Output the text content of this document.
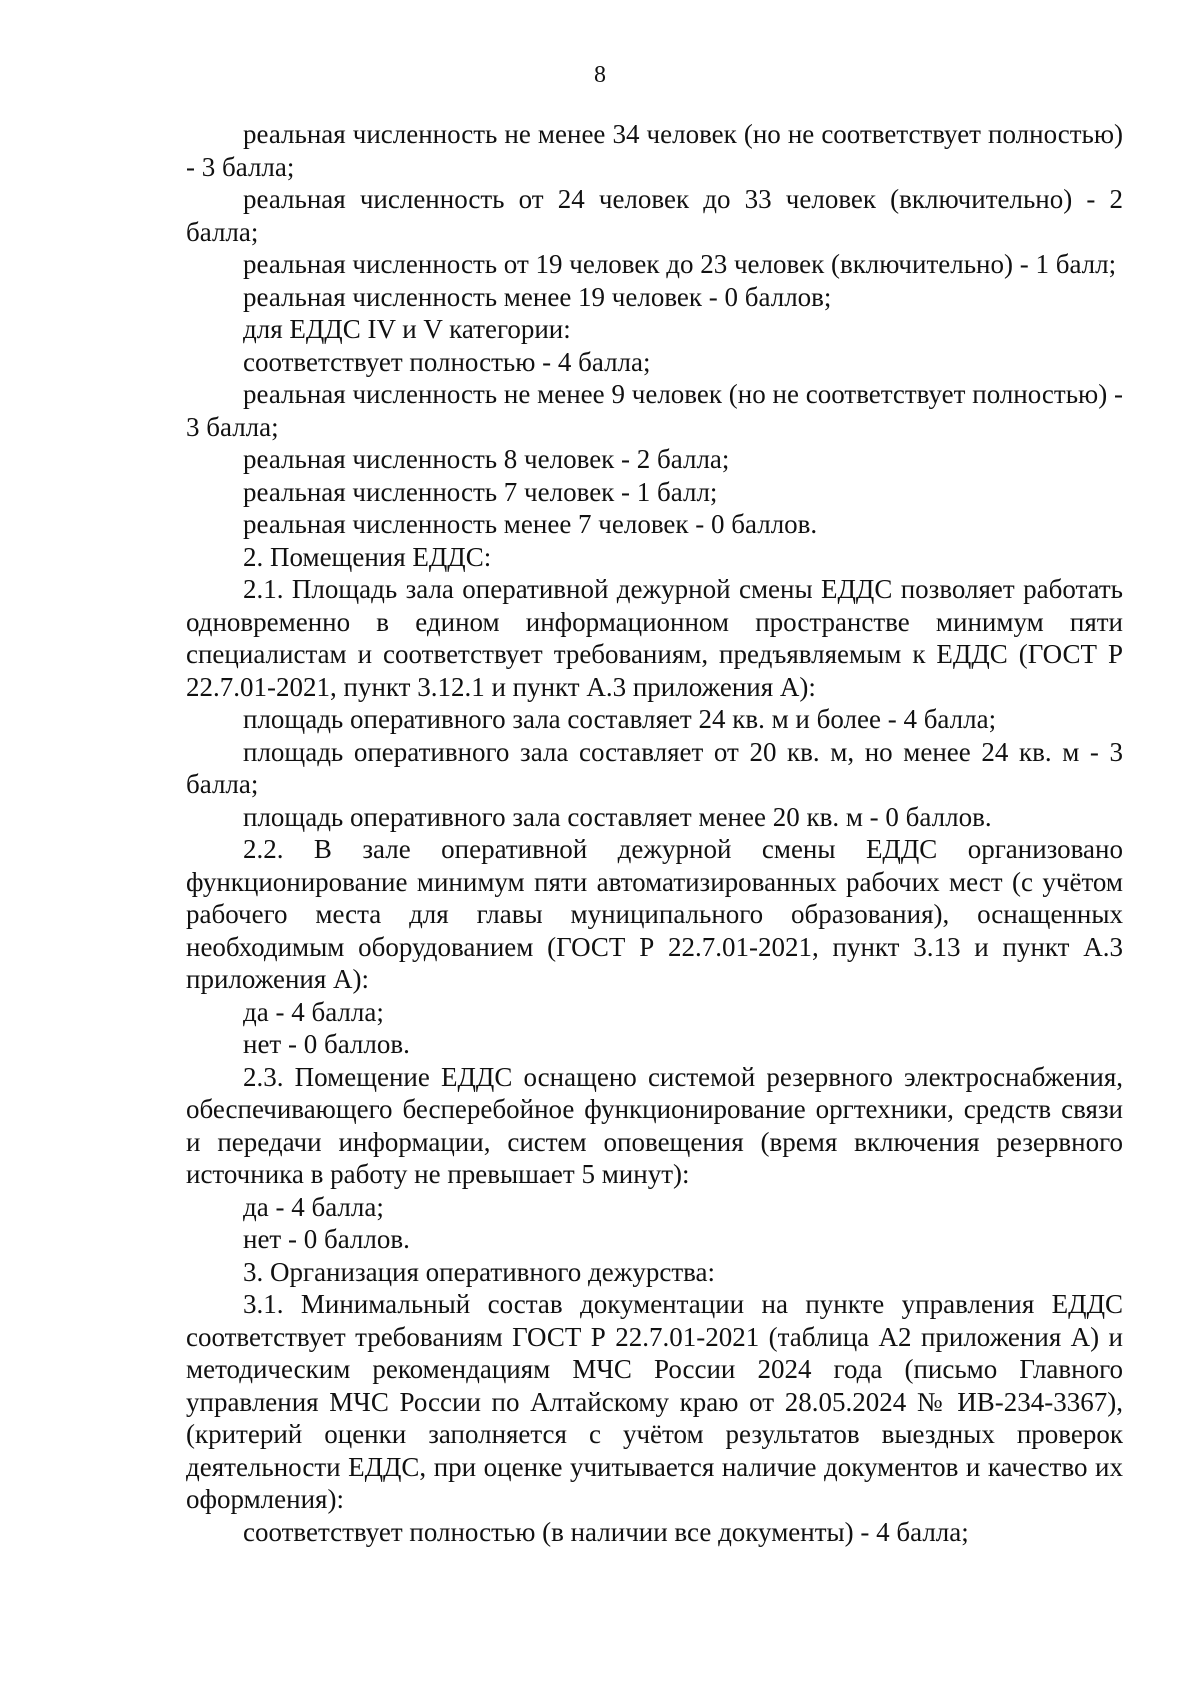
8

реальная численность не менее 34 человек (но не соответствует полностью) - 3 балла;

реальная численность от 24 человек до 33 человек (включительно) - 2 балла;

реальная численность от 19 человек до 23 человек (включительно) - 1 балл;

реальная численность менее 19 человек - 0 баллов;

для ЕДДС IV и V категории:

соответствует полностью - 4 балла;

реальная численность не менее 9 человек (но не соответствует полностью) - 3 балла;

реальная численность 8 человек - 2 балла;

реальная численность 7 человек - 1 балл;

реальная численность менее 7 человек - 0 баллов.

2. Помещения ЕДДС:

2.1. Площадь зала оперативной дежурной смены ЕДДС позволяет работать одновременно в едином информационном пространстве минимум пяти специалистам и соответствует требованиям, предъявляемым к ЕДДС (ГОСТ Р 22.7.01-2021, пункт 3.12.1 и пункт А.3 приложения А):

площадь оперативного зала составляет 24 кв. м и более - 4 балла;

площадь оперативного зала составляет от 20 кв. м, но менее 24 кв. м - 3 балла;

площадь оперативного зала составляет менее 20 кв. м - 0 баллов.

2.2. В зале оперативной дежурной смены ЕДДС организовано функционирование минимум пяти автоматизированных рабочих мест (с учётом рабочего места для главы муниципального образования), оснащенных необходимым оборудованием (ГОСТ Р 22.7.01-2021, пункт 3.13 и пункт А.3 приложения А):

да - 4 балла;

нет - 0 баллов.

2.3. Помещение ЕДДС оснащено системой резервного электроснабжения, обеспечивающего бесперебойное функционирование оргтехники, средств связи и передачи информации, систем оповещения (время включения резервного источника в работу не превышает 5 минут):

да - 4 балла;

нет - 0 баллов.

3. Организация оперативного дежурства:

3.1. Минимальный состав документации на пункте управления ЕДДС соответствует требованиям ГОСТ Р 22.7.01-2021 (таблица А2 приложения А) и методическим рекомендациям МЧС России 2024 года (письмо Главного управления МЧС России по Алтайскому краю от 28.05.2024 № ИВ-234-3367), (критерий оценки заполняется с учётом результатов выездных проверок деятельности ЕДДС, при оценке учитывается наличие документов и качество их оформления):

соответствует полностью (в наличии все документы) - 4 балла;
